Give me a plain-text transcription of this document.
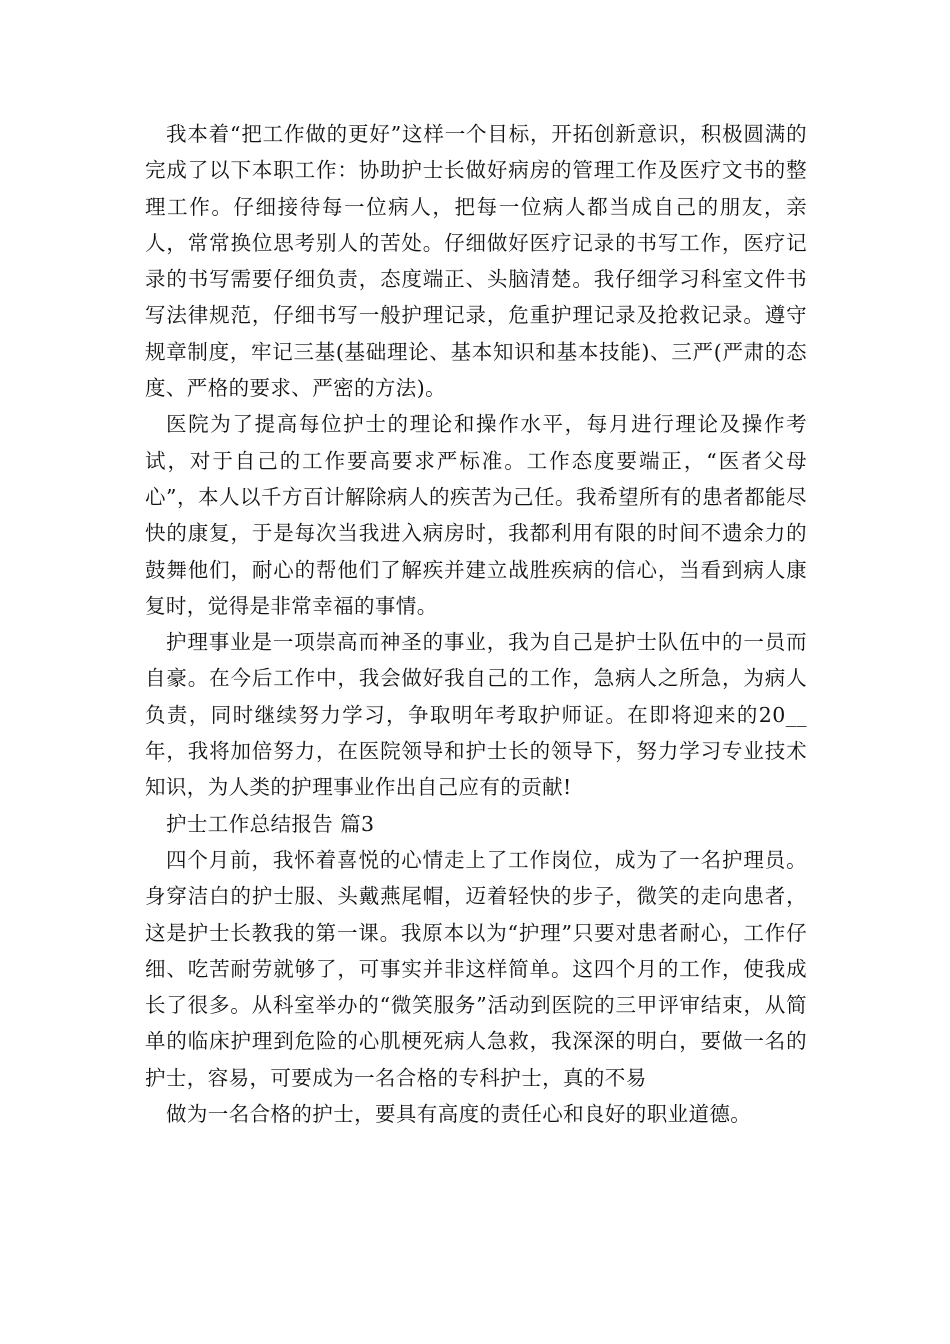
我本着“把工作做的更好”这样一个目标，开拓创新意识，积极圆满的完成了以下本职工作：协助护士长做好病房的管理工作及医疗文书的整理工作。仔细接待每一位病人，把每一位病人都当成自己的朋友，亲人，常常换位思考别人的苦处。仔细做好医疗记录的书写工作，医疗记录的书写需要仔细负责，态度端正、头脑清楚。我仔细学习科室文件书写法律规范，仔细书写一般护理记录，危重护理记录及抢救记录。遵守规章制度，牢记三基(基础理论、基本知识和基本技能)、三严(严肃的态度、严格的要求、严密的方法)。

医院为了提高每位护士的理论和操作水平，每月进行理论及操作考试，对于自己的工作要高要求严标准。工作态度要端正，“医者父母心”，本人以千方百计解除病人的疾苦为己任。我希望所有的患者都能尽快的康复，于是每次当我进入病房时，我都利用有限的时间不遗余力的鼓舞他们，耐心的帮他们了解疾并建立战胜疾病的信心，当看到病人康复时，觉得是非常幸福的事情。

护理事业是一项崇高而神圣的事业，我为自己是护士队伍中的一员而自豪。在今后工作中，我会做好我自己的工作，急病人之所急，为病人负责，同时继续努力学习，争取明年考取护师证。在即将迎来的20__年，我将加倍努力，在医院领导和护士长的领导下，努力学习专业技术知识，为人类的护理事业作出自己应有的贡献!

护士工作总结报告 篇3

四个月前，我怀着喜悦的心情走上了工作岗位，成为了一名护理员。身穿洁白的护士服、头戴燕尾帽，迈着轻快的步子，微笑的走向患者，这是护士长教我的第一课。我原本以为“护理”只要对患者耐心，工作仔细、吃苦耐劳就够了，可事实并非这样简单。这四个月的工作，使我成长了很多。从科室举办的“微笑服务”活动到医院的三甲评审结束，从简单的临床护理到危险的心肌梗死病人急救，我深深的明白，要做一名的护士，容易，可要成为一名合格的专科护士，真的不易

做为一名合格的护士，要具有高度的责任心和良好的职业道德。
